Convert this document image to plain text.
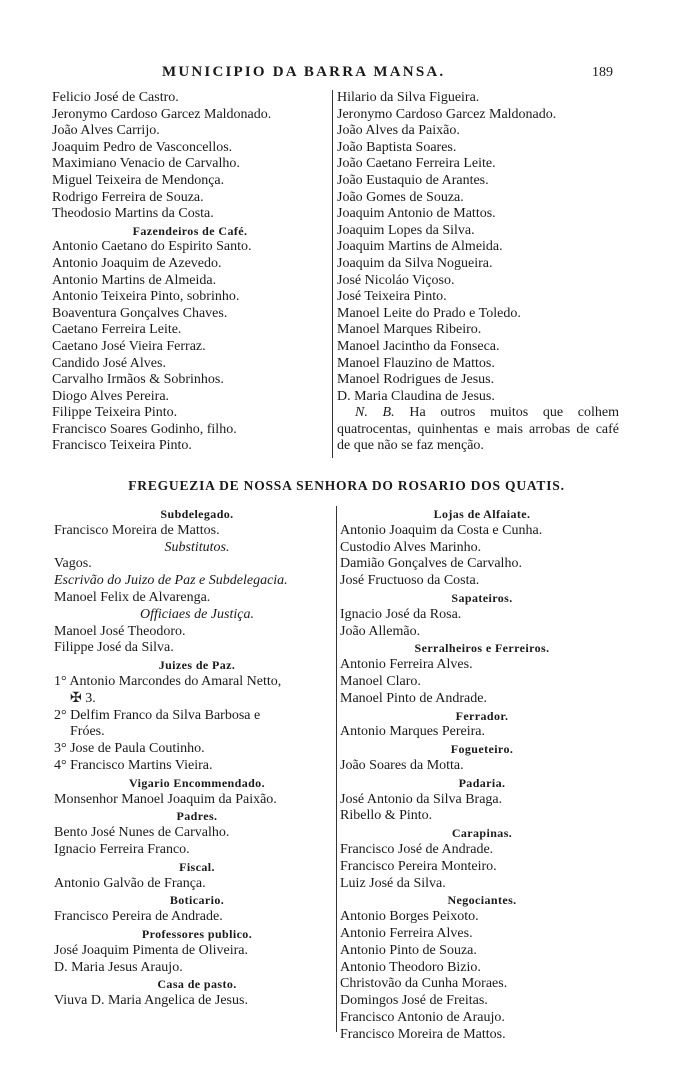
MUNICIPIO DA BARRA MANSA.	189
Felicio José de Castro.
Jeronymo Cardoso Garcez Maldonado.
João Alves Carrijo.
Joaquim Pedro de Vasconcellos.
Maximiano Venacio de Carvalho.
Miguel Teixeira de Mendonça.
Rodrigo Ferreira de Souza.
Theodosio Martins da Costa.
Fazendeiros de Café.
Antonio Caetano do Espirito Santo.
Antonio Joaquim de Azevedo.
Antonio Martins de Almeida.
Antonio Teixeira Pinto, sobrinho.
Boaventura Gonçalves Chaves.
Caetano Ferreira Leite.
Caetano José Vieira Ferraz.
Candido José Alves.
Carvalho Irmãos & Sobrinhos.
Diogo Alves Pereira.
Filippe Teixeira Pinto.
Francisco Soares Godinho, filho.
Francisco Teixeira Pinto.
Hilario da Silva Figueira.
Jeronymo Cardoso Garcez Maldonado.
João Alves da Paixão.
João Baptista Soares.
João Caetano Ferreira Leite.
João Eustaquio de Arantes.
João Gomes de Souza.
Joaquim Antonio de Mattos.
Joaquim Lopes da Silva.
Joaquim Martins de Almeida.
Joaquim da Silva Nogueira.
José Nicoláo Viçoso.
José Teixeira Pinto.
Manoel Leite do Prado e Toledo.
Manoel Marques Ribeiro.
Manoel Jacintho da Fonseca.
Manoel Flauzino de Mattos.
Manoel Rodrigues de Jesus.
D. Maria Claudina de Jesus.
N. B. Ha outros muitos que colhem quatrocentas, quinhentas e mais arrobas de café de que não se faz menção.
FREGUEZIA DE NOSSA SENHORA DO ROSARIO DOS QUATIS.
Subdelegado.
Francisco Moreira de Mattos.
Substitutos.
Vagos.
Escrivão do Juizo de Paz e Subdelegacia.
Manoel Felix de Alvarenga.
Officiaes de Justiça.
Manoel José Theodoro.
Filippe José da Silva.
Juizes de Paz.
1° Antonio Marcondes do Amaral Netto,
✠ 3.
2° Delfim Franco da Silva Barbosa e
Fróes.
3° Jose de Paula Coutinho.
4° Francisco Martins Vieira.
Vigario Encommendado.
Monsenhor Manoel Joaquim da Paixão.
Padres.
Bento José Nunes de Carvalho.
Ignacio Ferreira Franco.
Fiscal.
Antonio Galvão de França.
Boticario.
Francisco Pereira de Andrade.
Professores publico.
José Joaquim Pimenta de Oliveira.
D. Maria Jesus Araujo.
Casa de pasto.
Viuva D. Maria Angelica de Jesus.
Lojas de Alfaiate.
Antonio Joaquim da Costa e Cunha.
Custodio Alves Marinho.
Damião Gonçalves de Carvalho.
José Fructuoso da Costa.
Sapateiros.
Ignacio José da Rosa.
João Allemão.
Serralheiros e Ferreiros.
Antonio Ferreira Alves.
Manoel Claro.
Manoel Pinto de Andrade.
Ferrador.
Antonio Marques Pereira.
Fogueteiro.
João Soares da Motta.
Padaria.
José Antonio da Silva Braga.
Ribello & Pinto.
Carapinas.
Francisco José de Andrade.
Francisco Pereira Monteiro.
Luiz José da Silva.
Negociantes.
Antonio Borges Peixoto.
Antonio Ferreira Alves.
Antonio Pinto de Souza.
Antonio Theodoro Bizio.
Christovão da Cunha Moraes.
Domingos José de Freitas.
Francisco Antonio de Araujo.
Francisco Moreira de Mattos.
